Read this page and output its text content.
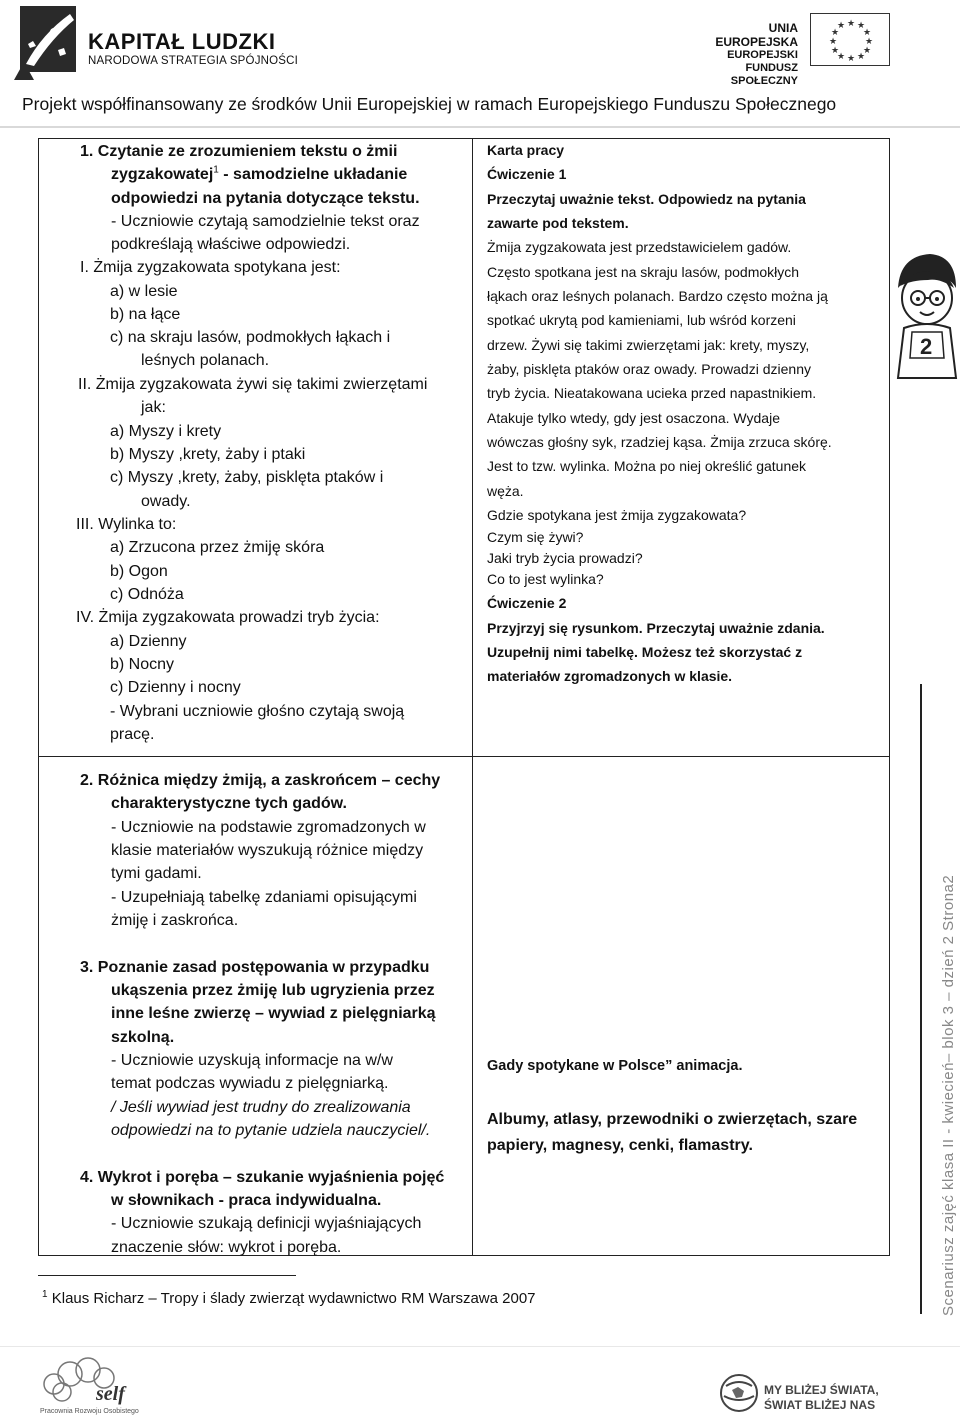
KAPITAŁ LUDZKI
NARODOWA STRATEGIA SPÓJNOŚCI
UNIA EUROPEJSKA
EUROPEJSKI
FUNDUSZ SPOŁECZNY
★ ★
★
★
★
★
★
★
★
★
★
★
Projekt współfinansowany ze środków Unii Europejskiej w ramach Europejskiego Funduszu Społecznego
1. Czytanie ze zrozumieniem tekstu o żmii
zygzakowatej$^1$ - samodzielne układanie
odpowiedzi na pytania dotyczące tekstu.
- Uczniowie czytają samodzielnie tekst oraz
podkreślają właściwe odpowiedzi.
I. Żmija zygzakowata spotykana jest:
a) w lesie
b) na łące
c) na skraju lasów, podmokłych łąkach i
leśnych polanach.
II. Żmija zygzakowata żywi się takimi zwierzętami
jak:
a) Myszy i krety
b) Myszy ,krety, żaby i ptaki
c) Myszy ,krety, żaby, pisklęta ptaków i
owady.
III. Wylinka to:
a) Zrzucona przez żmiję skóra
b) Ogon
c) Odnóża
IV. Żmija zygzakowata prowadzi tryb życia:
a) Dzienny
b) Nocny
c) Dzienny i nocny
- Wybrani uczniowie głośno czytają swoją
pracę.
Karta pracy
Ćwiczenie 1
Przeczytaj uważnie tekst. Odpowiedz na pytania
zawarte pod tekstem.
Żmija zygzakowata jest przedstawicielem gadów.
Często spotkana jest na skraju lasów, podmokłych
łąkach oraz leśnych polanach. Bardzo często można ją
spotkać ukrytą pod kamieniami, lub wśród korzeni
drzew. Żywi się takimi zwierzętami jak: krety, myszy,
żaby, pisklęta ptaków oraz owady. Prowadzi dzienny
tryb życia. Nieatakowana ucieka przed napastnikiem.
Atakuje tylko wtedy, gdy jest osaczona. Wydaje
wówczas głośny syk, rzadziej kąsa. Żmija zrzuca skórę.
Jest to tzw. wylinka. Można po niej określić gatunek
węża.
Gdzie spotykana jest żmija zygzakowata?
Czym się żywi?
Jaki tryb życia prowadzi?
Co to jest wylinka?
Ćwiczenie 2
Przyjrzyj się rysunkom. Przeczytaj uważnie zdania.
Uzupełnij nimi tabelkę. Możesz też skorzystać z
materiałów zgromadzonych w klasie.
2. Różnica między żmiją, a zaskrońcem – cechy
charakterystyczne tych gadów.
- Uczniowie na podstawie zgromadzonych w
klasie materiałów wyszukują różnice między
tymi gadami.
- Uzupełniają tabelkę zdaniami opisującymi
żmiję i zaskrońca.
3. Poznanie zasad postępowania w przypadku
ukąszenia przez żmiję lub ugryzienia przez
inne leśne zwierzę – wywiad z pielęgniarką
szkolną.
- Uczniowie uzyskują informacje na w/w
temat podczas wywiadu z pielęgniarką.
/ Jeśli wywiad jest trudny do zrealizowania
odpowiedzi na to pytanie udziela nauczyciel/.
4. Wykrot i poręba – szukanie wyjaśnienia pojęć
w słownikach - praca indywidualna.
- Uczniowie szukają definicji wyjaśniających
znaczenie słów: wykrot i poręba.
Gady spotykane w Polsce” animacja.
Albumy, atlasy, przewodniki o zwierzętach, szare
papiery, magnesy, cenki, flamastry.
2
$^1$ Klaus Richarz – Tropy i ślady zwierząt wydawnictwo RM Warszawa 2007	Scenariusz zajęć klasa II - kwiecień– blok 3 – dzień 2 Strona2
self
Pracownia Rozwoju Osobistego
MY BLIŻEJ ŚWIATA,
ŚWIAT BLIŻEJ NAS
